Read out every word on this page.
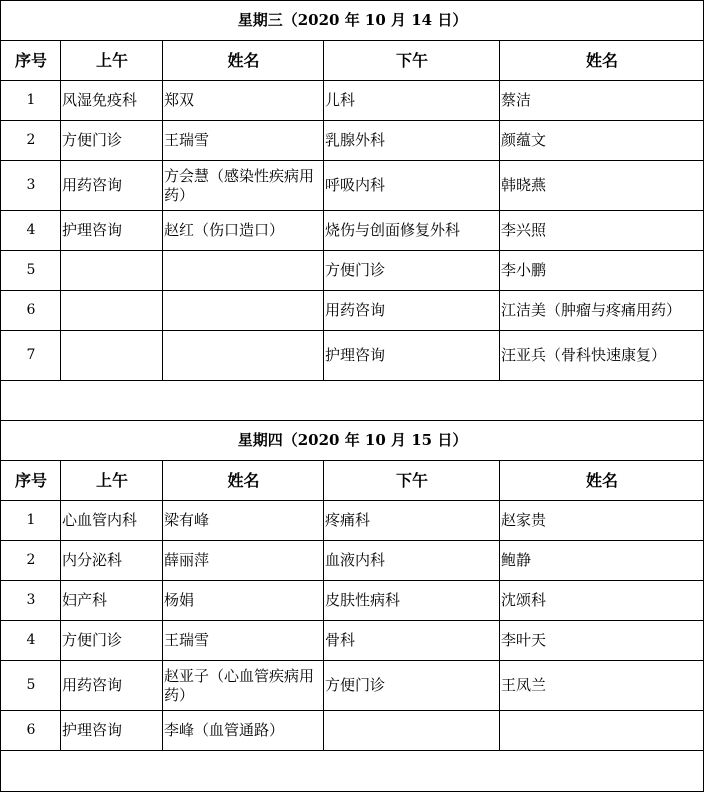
星期三（2020 年 10 月 14 日）				
序号	上午	姓名	下午	姓名
1	风湿免疫科	郑双	儿科	蔡洁
2	方便门诊	王瑞雪	乳腺外科	颜蕴文
3	用药咨询	方会慧（感染性疾病用药）	呼吸内科	韩晓燕
4	护理咨询	赵红（伤口造口）	烧伤与创面修复外科	李兴照
5			方便门诊	李小鹏
6			用药咨询	江洁美（肿瘤与疼痛用药）
7			护理咨询	汪亚兵（骨科快速康复）

星期四（2020 年 10 月 15 日）				
序号	上午	姓名	下午	姓名
1	心血管内科	梁有峰	疼痛科	赵家贵
2	内分泌科	薛丽萍	血液内科	鲍静
3	妇产科	杨娟	皮肤性病科	沈颂科
4	方便门诊	王瑞雪	骨科	李叶天
5	用药咨询	赵亚子（心血管疾病用药）	方便门诊	王凤兰
6	护理咨询	李峰（血管通路）		
